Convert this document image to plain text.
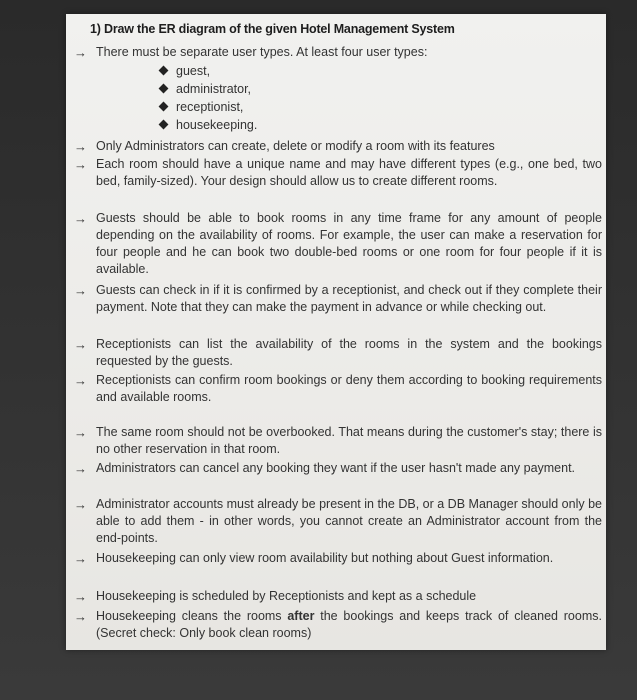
1) Draw the ER diagram of the given Hotel Management System
→ There must be separate user types. At least four user types:
guest,
administrator,
receptionist,
housekeeping.
→ Only Administrators can create, delete or modify a room with its features
→ Each room should have a unique name and may have different types (e.g., one bed, two bed, family-sized). Your design should allow us to create different rooms.
→ Guests should be able to book rooms in any time frame for any amount of people depending on the availability of rooms. For example, the user can make a reservation for four people and he can book two double-bed rooms or one room for four people if it is available.
→ Guests can check in if it is confirmed by a receptionist, and check out if they complete their payment. Note that they can make the payment in advance or while checking out.
→ Receptionists can list the availability of the rooms in the system and the bookings requested by the guests.
→ Receptionists can confirm room bookings or deny them according to booking requirements and available rooms.
→ The same room should not be overbooked. That means during the customer's stay; there is no other reservation in that room.
→ Administrators can cancel any booking they want if the user hasn't made any payment.
→ Administrator accounts must already be present in the DB, or a DB Manager should only be able to add them - in other words, you cannot create an Administrator account from the end-points.
→ Housekeeping can only view room availability but nothing about Guest information.
→ Housekeeping is scheduled by Receptionists and kept as a schedule
→ Housekeeping cleans the rooms after the bookings and keeps track of cleaned rooms. (Secret check: Only book clean rooms)
